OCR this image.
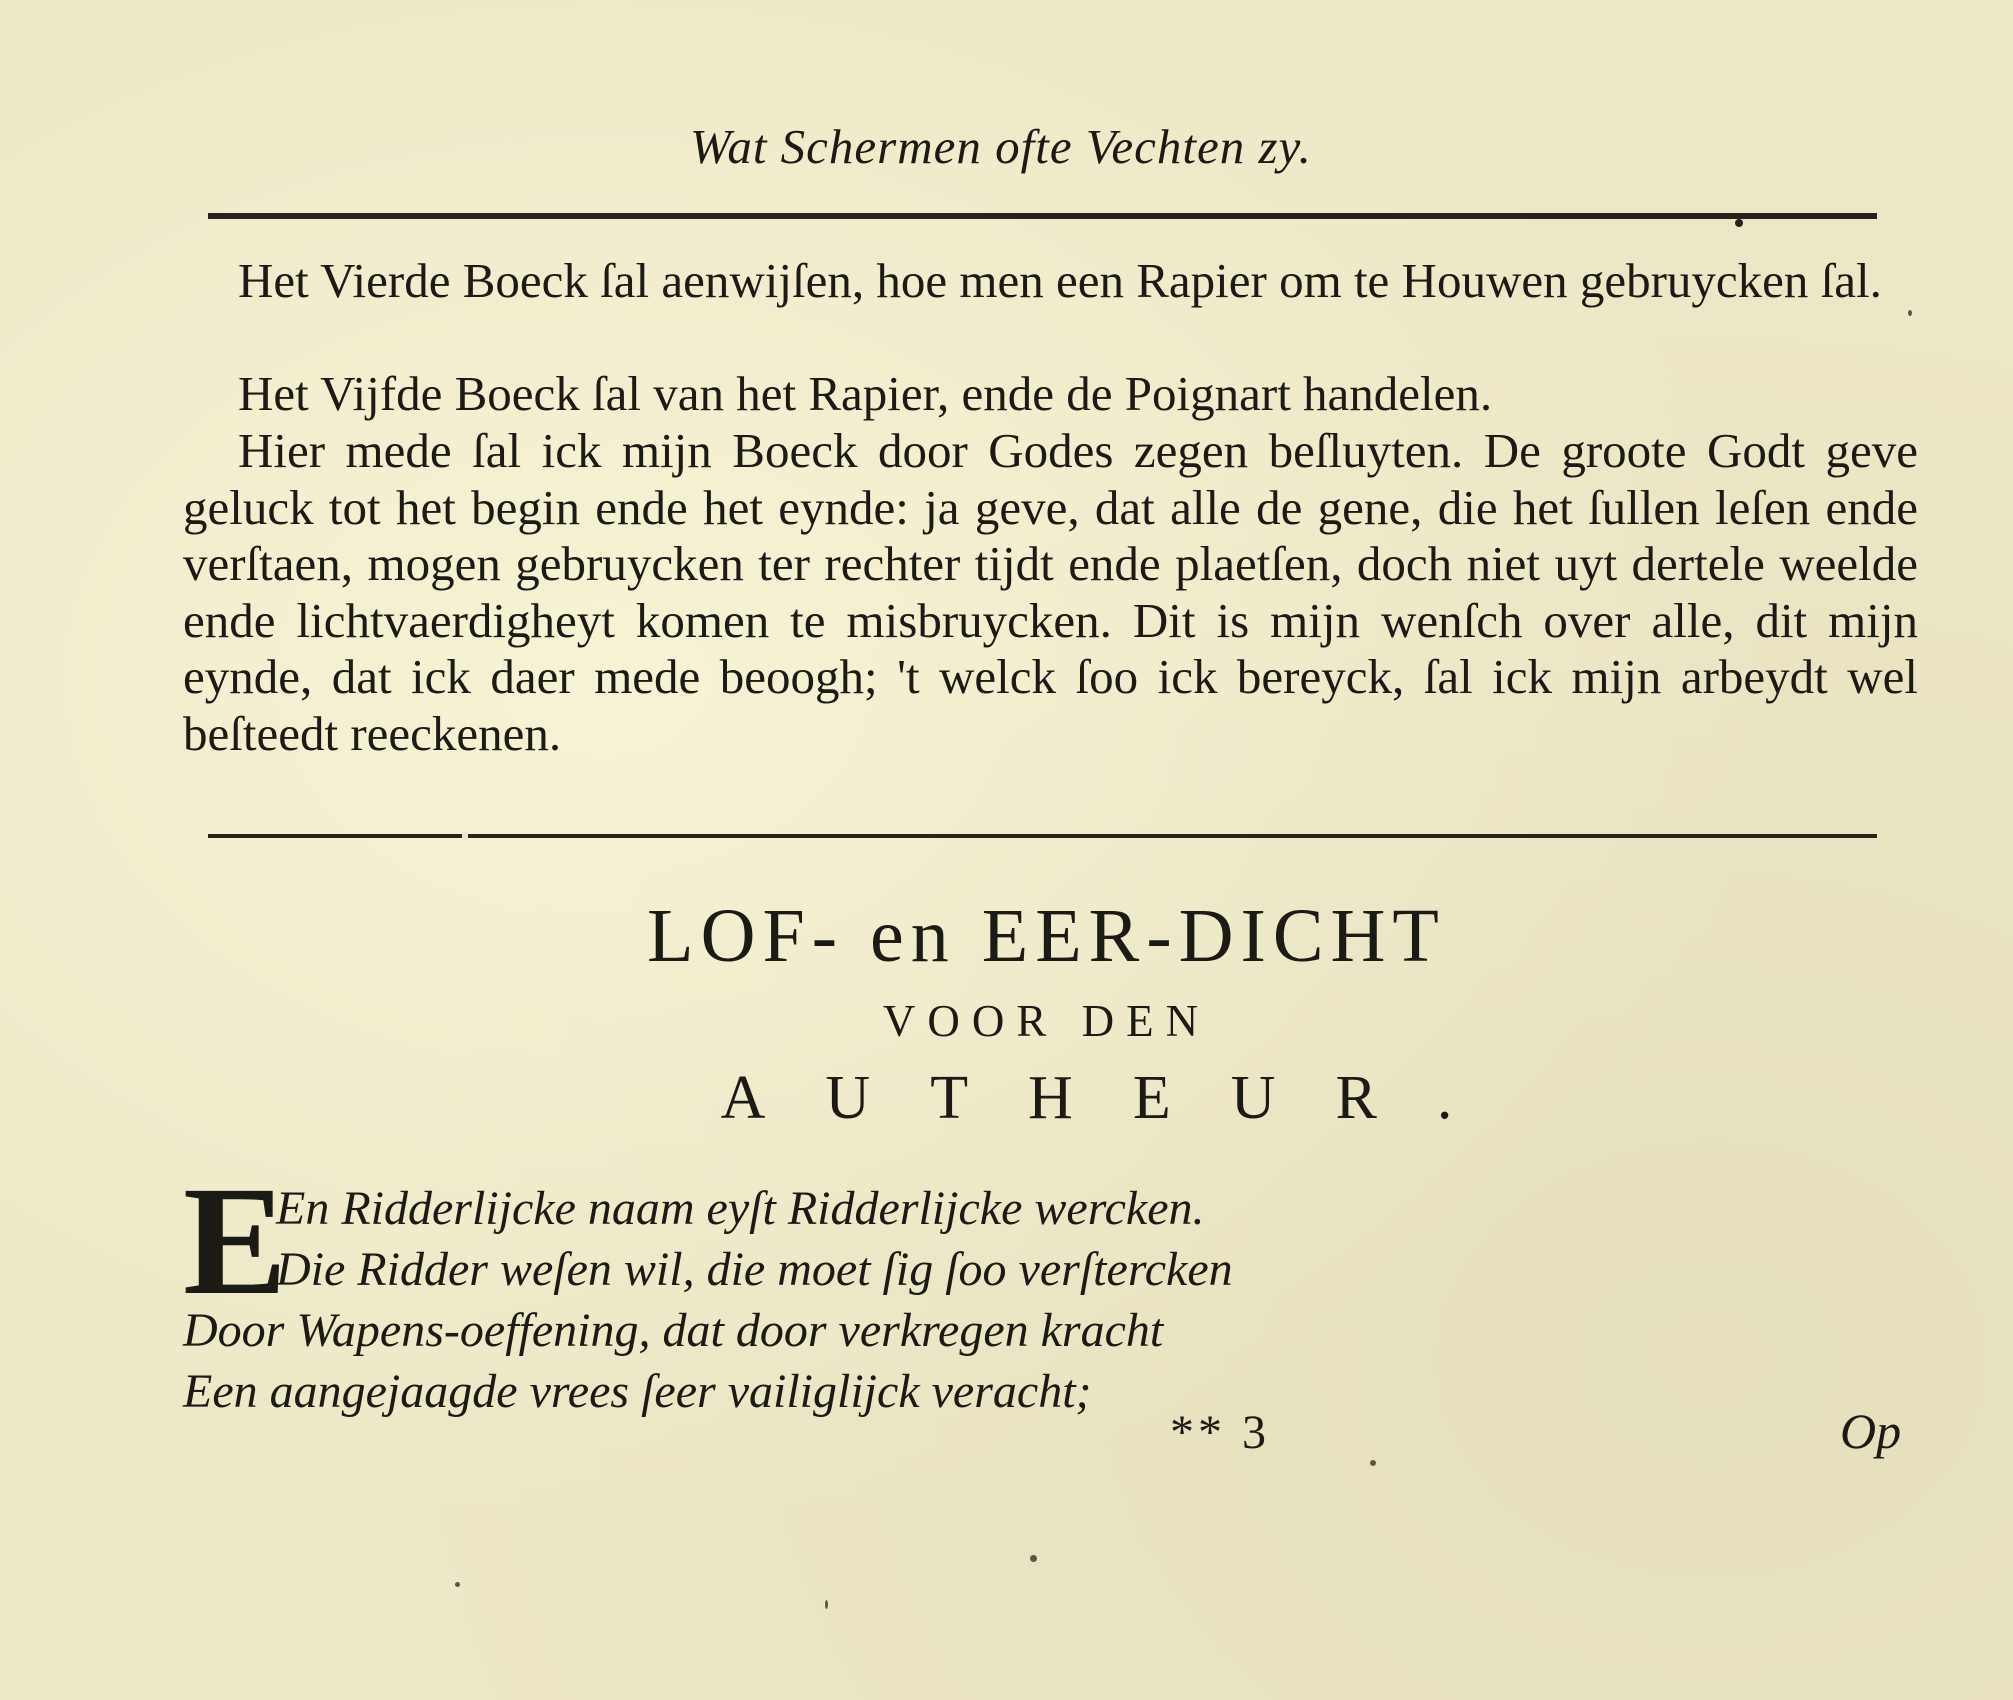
Wat Schermen ofte Vechten zy.

Het Vierde Boeck ſal aenwijſen, hoe men een Rapier om te Houwen gebruycken ſal.

Het Vijfde Boeck ſal van het Rapier, ende de Poignart handelen.

Hier mede ſal ick mijn Boeck door Godes zegen beſluyten. De groote Godt geve geluck tot het begin ende het eynde: ja geve, dat alle de gene, die het ſullen leſen ende verſtaen, mogen gebruycken ter rechter tijdt ende plaetſen, doch niet uyt dertele weelde ende lichtvaerdigheyt komen te misbruycken. Dit is mijn wenſch over alle, dit mijn eynde, dat ick daer mede beoogh; 't welck ſoo ick bereyck, ſal ick mijn arbeydt wel beſteedt reeckenen.

LOF- en EER-DICHT
VOOR DEN
AUTHEUR.
E
En Ridderlijcke naam eyſt Ridderlijcke wercken.
Die Ridder weſen wil, die moet ſig ſoo verſtercken
Door Wapens-oeffening, dat door verkregen kracht
Een aangejaagde vrees ſeer vailiglijck veracht;
** 3	Op
